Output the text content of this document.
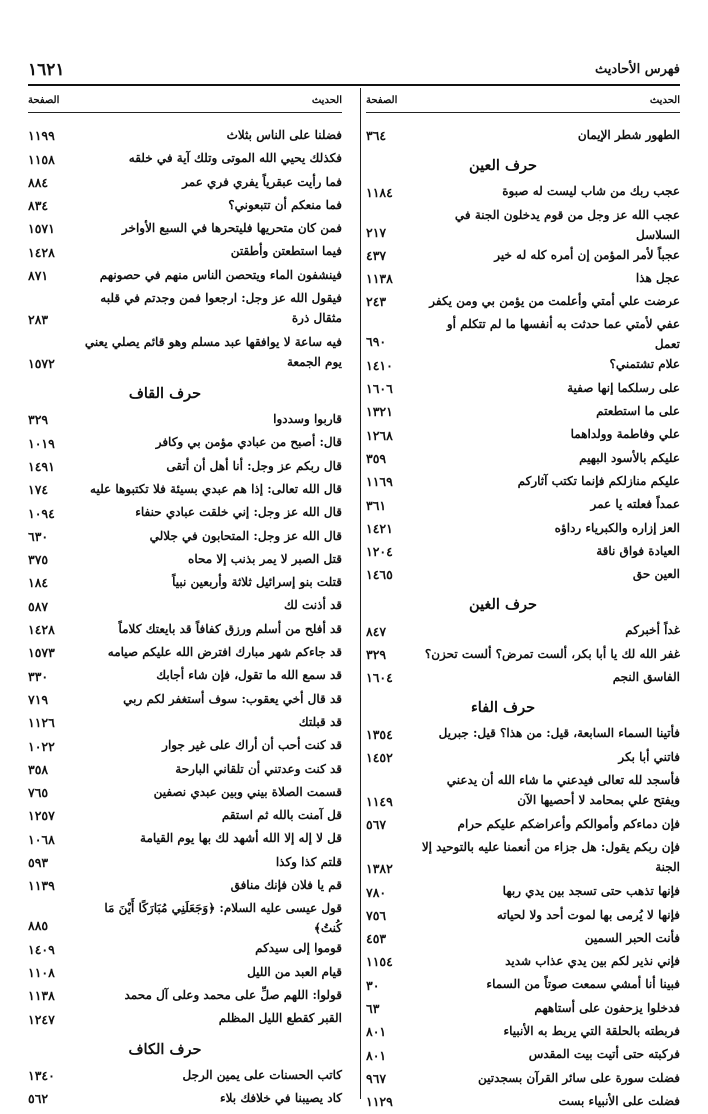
فهرس الأحاديث
١٦٢١
الحديث
الصفحة
الطهور شطر الإيمان
٣٦٤
حرف العين
عجب ربك من شاب ليست له صبوة
١١٨٤
عجب الله عز وجل من قوم يدخلون الجنة في السلاسل
٢١٧
عجباً لأمر المؤمن إن أمره كله له خير
٤٣٧
عجل هذا
١١٣٨
عرضت علي أمتي وأعلمت من يؤمن بي ومن يكفر
٢٤٣
عفي لأمتي عما حدثت به أنفسها ما لم تتكلم أو تعمل
٦٩٠
علام تشتمني؟
١٤١٠
على رسلكما إنها صفية
١٦٠٦
على ما استطعتم
١٣٢١
علي وفاطمة وولداهما
١٢٦٨
عليكم بالأسود البهيم
٣٥٩
عليكم منازلكم فإنما تكتب آثاركم
١١٦٩
عمداً فعلته يا عمر
٣٦١
العز إزاره والكبرياء رداؤه
١٤٢١
العيادة فواق ناقة
١٢٠٤
العين حق
١٤٦٥
حرف الغين
غداً أخبركم
٨٤٧
غفر الله لك يا أبا بكر، ألست تمرض؟ ألست تحزن؟
٣٢٩
الفاسق النجم
١٦٠٤
حرف الفاء
فأتينا السماء السابعة، قيل: من هذا؟ قيل: جبريل
١٣٥٤
فاتني أبا بكر
١٤٥٢
فأسجد لله تعالى فيدعني ما شاء الله أن يدعني ويفتح علي بمحامد لا أحصيها الآن
١١٤٩
فإن دماءكم وأموالكم وأعراضكم عليكم حرام
٥٦٧
فإن ربكم يقول: هل جزاء من أنعمنا عليه بالتوحيد إلا الجنة
١٣٨٢
فإنها تذهب حتى تسجد بين يدي ربها
٧٨٠
فإنها لا يُرمى بها لموت أحد ولا لحياته
٧٥٦
فأنت الحبر السمين
٤٥٣
فإني نذير لكم بين يدي عذاب شديد
١١٥٤
فبينا أنا أمشي سمعت صوتاً من السماء
٣٠
فدخلوا يزحفون على أستاههم
٦٣
فربطته بالحلقة التي يربط به الأنبياء
٨٠١
فركبته حتى أتيت بيت المقدس
٨٠١
فضلت سورة على سائر القرآن بسجدتين
٩٦٧
فضلت على الأنبياء بست
١١٢٩
الحديث
الصفحة
فضلنا على الناس بثلاث
١١٩٩
فكذلك يحيي الله الموتى وتلك آية في خلقه
١١٥٨
فما رأيت عبقرياً يفري فري عمر
٨٨٤
فما منعكم أن تتبعوني؟
٨٣٤
فمن كان متحريها فليتحرها في السبع الأواخر
١٥٧١
فيما استطعتن وأطقتن
١٤٢٨
فينشفون الماء ويتحصن الناس منهم في حصونهم
٨٧١
فيقول الله عز وجل: ارجعوا فمن وجدتم في قلبه مثقال ذرة
٢٨٣
فيه ساعة لا يوافقها عبد مسلم وهو قائم يصلي يعني يوم الجمعة
١٥٧٢
حرف القاف
قاربوا وسددوا
٣٢٩
قال: أصبح من عبادي مؤمن بي وكافر
١٠١٩
قال ربكم عز وجل: أنا أهل أن أتقى
١٤٩١
قال الله تعالى: إذا هم عبدي بسيئة فلا تكتبوها عليه
١٧٤
قال الله عز وجل: إني خلقت عبادي حنفاء
١٠٩٤
قال الله عز وجل: المتحابون في جلالي
٦٣٠
قتل الصبر لا يمر بذنب إلا محاه
٣٧٥
قتلت بنو إسرائيل ثلاثة وأربعين نبياً
١٨٤
قد أذنت لك
٥٨٧
قد أفلح من أسلم ورزق كفافاً قد بايعتك كلاماً
١٤٢٨
قد جاءكم شهر مبارك افترض الله عليكم صيامه
١٥٧٣
قد سمع الله ما تقول، فإن شاء أجابك
٣٣٠
قد قال أخي يعقوب: سوف أستغفر لكم ربي
٧١٩
قد قبلتك
١١٢٦
قد كنت أحب أن أراك على غير جوار
١٠٢٢
قد كنت وعدتني أن تلقاني البارحة
٣٥٨
قسمت الصلاة بيني وبين عبدي نصفين
٧٦٥
قل آمنت بالله ثم استقم
١٢٥٧
قل لا إله إلا الله أشهد لك بها يوم القيامة
١٠٦٨
قلتم كذا وكذا
٥٩٣
قم يا فلان فإنك منافق
١١٣٩
قول عيسى عليه السلام: ﴿وَجَعَلَنِي مُبَارَكًا أَيْنَ مَا كُنتُ﴾
٨٨٥
قوموا إلى سيدكم
١٤٠٩
قيام العبد من الليل
١١٠٨
قولوا: اللهم صلِّ على محمد وعلى آل محمد
١١٣٨
القبر كقطع الليل المظلم
١٢٤٧
حرف الكاف
كاتب الحسنات على يمين الرجل
١٣٤٠
كاد يصيبنا في خلافك بلاء
٥٦٢
